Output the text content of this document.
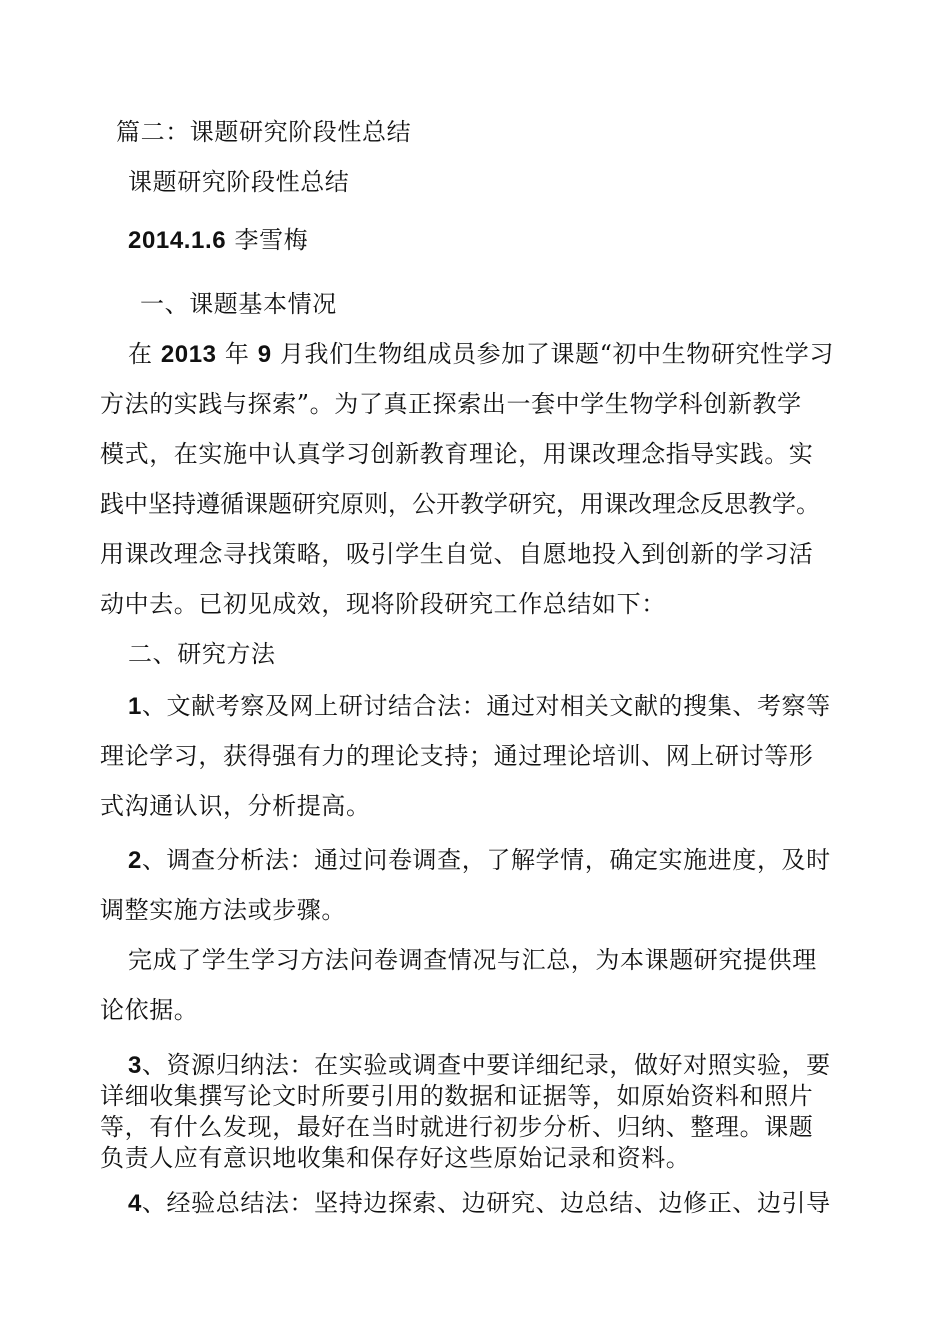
篇二：课题研究阶段性总结
课题研究阶段性总结
2014.1.6 李雪梅
一、课题基本情况
在 2013 年 9 月我们生物组成员参加了课题“初中生物研究性学习
方法的实践与探索”。为了真正探索出一套中学生物学科创新教学
模式，在实施中认真学习创新教育理论，用课改理念指导实践。实
践中坚持遵循课题研究原则，公开教学研究，用课改理念反思教学。
用课改理念寻找策略，吸引学生自觉、自愿地投入到创新的学习活
动中去。已初见成效，现将阶段研究工作总结如下：
二、研究方法
1、文献考察及网上研讨结合法：通过对相关文献的搜集、考察等
理论学习，获得强有力的理论支持；通过理论培训、网上研讨等形
式沟通认识，分析提高。
2、调查分析法：通过问卷调查，了解学情，确定实施进度，及时
调整实施方法或步骤。
完成了学生学习方法问卷调查情况与汇总，为本课题研究提供理
论依据。
3、资源归纳法：在实验或调查中要详细纪录，做好对照实验，要
详细收集撰写论文时所要引用的数据和证据等，如原始资料和照片
等，有什么发现，最好在当时就进行初步分析、归纳、整理。课题
负责人应有意识地收集和保存好这些原始记录和资料。
4、经验总结法：坚持边探索、边研究、边总结、边修正、边引导
